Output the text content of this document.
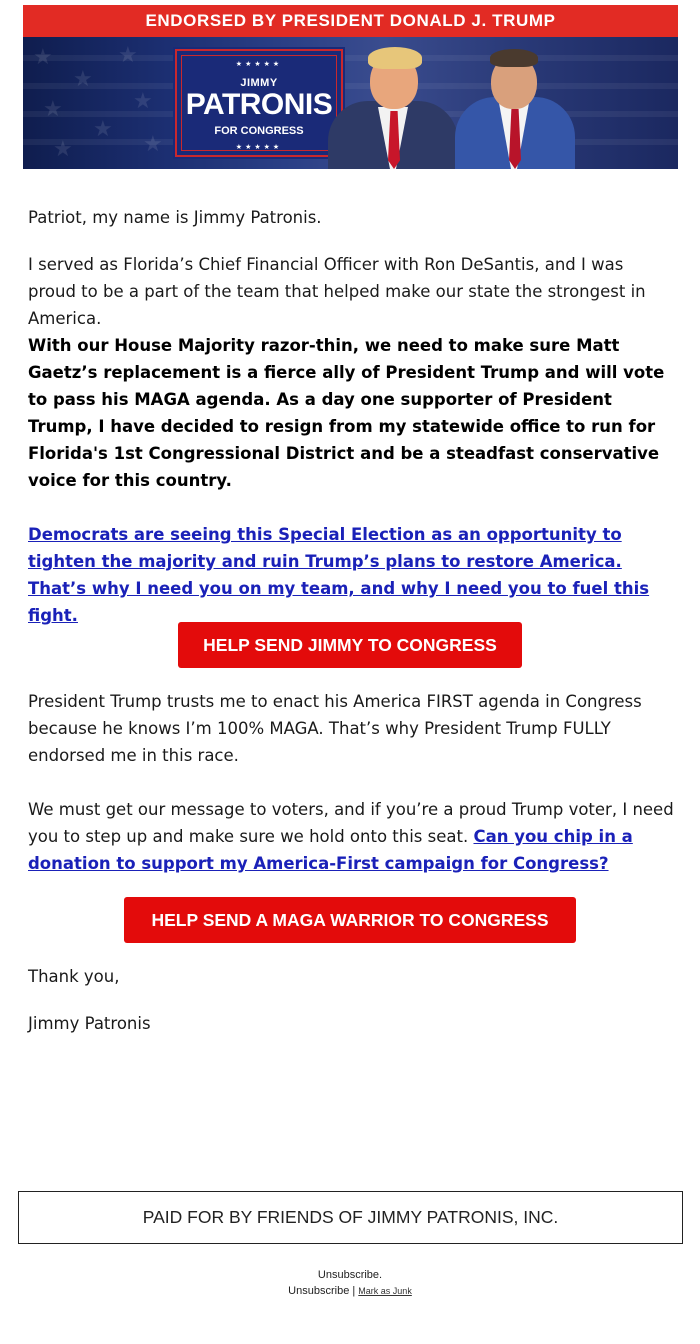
ENDORSED BY PRESIDENT DONALD J. TRUMP
★
★
★
★
★
★
★	★
★★★★★
JIMMY
PATRONIS
FOR CONGRESS
★★★★★
Patriot, my name is Jimmy Patronis.
I served as Florida’s Chief Financial Officer with Ron DeSantis, and I was proud to be a part of the team that helped make our state the strongest in America.
With our House Majority razor-thin, we need to make sure Matt Gaetz’s replacement is a fierce ally of President Trump and will vote to pass his MAGA agenda. As a day one supporter of President Trump, I have decided to resign from my statewide office to run for Florida's 1st Congressional District and be a steadfast conservative voice for this country.
Democrats are seeing this Special Election as an opportunity to tighten the majority and ruin Trump’s plans to restore America. That’s why I need you on my team, and why I need you to fuel this fight.
HELP SEND JIMMY TO CONGRESS
President Trump trusts me to enact his America FIRST agenda in Congress because he knows I’m 100% MAGA. That’s why President Trump FULLY endorsed me in this race.
We must get our message to voters, and if you’re a proud Trump voter, I need you to step up and make sure we hold onto this seat. Can you chip in a donation to support my America-First campaign for Congress?
HELP SEND A MAGA WARRIOR TO CONGRESS
Thank you,
Jimmy Patronis
PAID FOR BY FRIENDS OF JIMMY PATRONIS, INC.
Unsubscribe.
Unsubscribe | Mark as Junk
